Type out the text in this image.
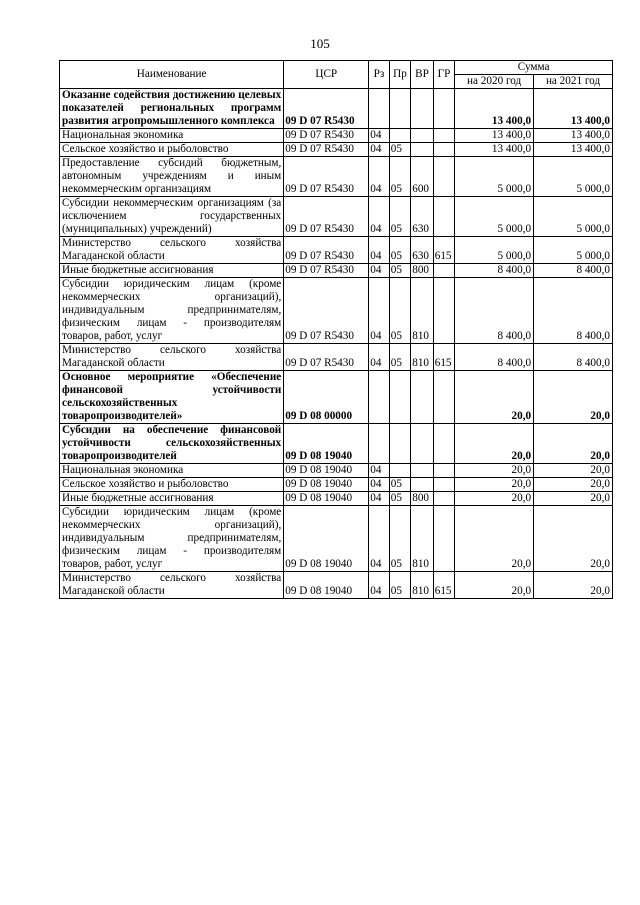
105
Наименование	ЦСР	Рз	Пр	ВР	ГР	Сумма	
						на 2020 год	на 2021 год
Оказание содействия достижению целевых показателей региональных программ развития агропромышленного комплекса	09 D 07 R5430					13 400,0	13 400,0
Национальная экономика	09 D 07 R5430	04				13 400,0	13 400,0
Сельское хозяйство и рыболовство	09 D 07 R5430	04	05			13 400,0	13 400,0
Предоставление субсидий бюджетным, автономным учреждениям и иным некоммерческим организациям	09 D 07 R5430	04	05	600		5 000,0	5 000,0
Субсидии некоммерческим организациям (за исключением государственных (муниципальных) учреждений)	09 D 07 R5430	04	05	630		5 000,0	5 000,0
Министерство сельского хозяйства Магаданской области	09 D 07 R5430	04	05	630	615	5 000,0	5 000,0
Иные бюджетные ассигнования	09 D 07 R5430	04	05	800		8 400,0	8 400,0
Субсидии юридическим лицам (кроме некоммерческих организаций), индивидуальным предпринимателям, физическим лицам - производителям товаров, работ, услуг	09 D 07 R5430	04	05	810		8 400,0	8 400,0
Министерство сельского хозяйства Магаданской области	09 D 07 R5430	04	05	810	615	8 400,0	8 400,0
Основное мероприятие «Обеспечение финансовой устойчивости сельскохозяйственных товаропроизводителей»	09 D 08 00000					20,0	20,0
Субсидии на обеспечение финансовой устойчивости сельскохозяйственных товаропроизводителей	09 D 08 19040					20,0	20,0
Национальная экономика	09 D 08 19040	04				20,0	20,0
Сельское хозяйство и рыболовство	09 D 08 19040	04	05			20,0	20,0
Иные бюджетные ассигнования	09 D 08 19040	04	05	800		20,0	20,0
Субсидии юридическим лицам (кроме некоммерческих организаций), индивидуальным предпринимателям, физическим лицам - производителям товаров, работ, услуг	09 D 08 19040	04	05	810		20,0	20,0
Министерство сельского хозяйства Магаданской области	09 D 08 19040	04	05	810	615	20,0	20,0
